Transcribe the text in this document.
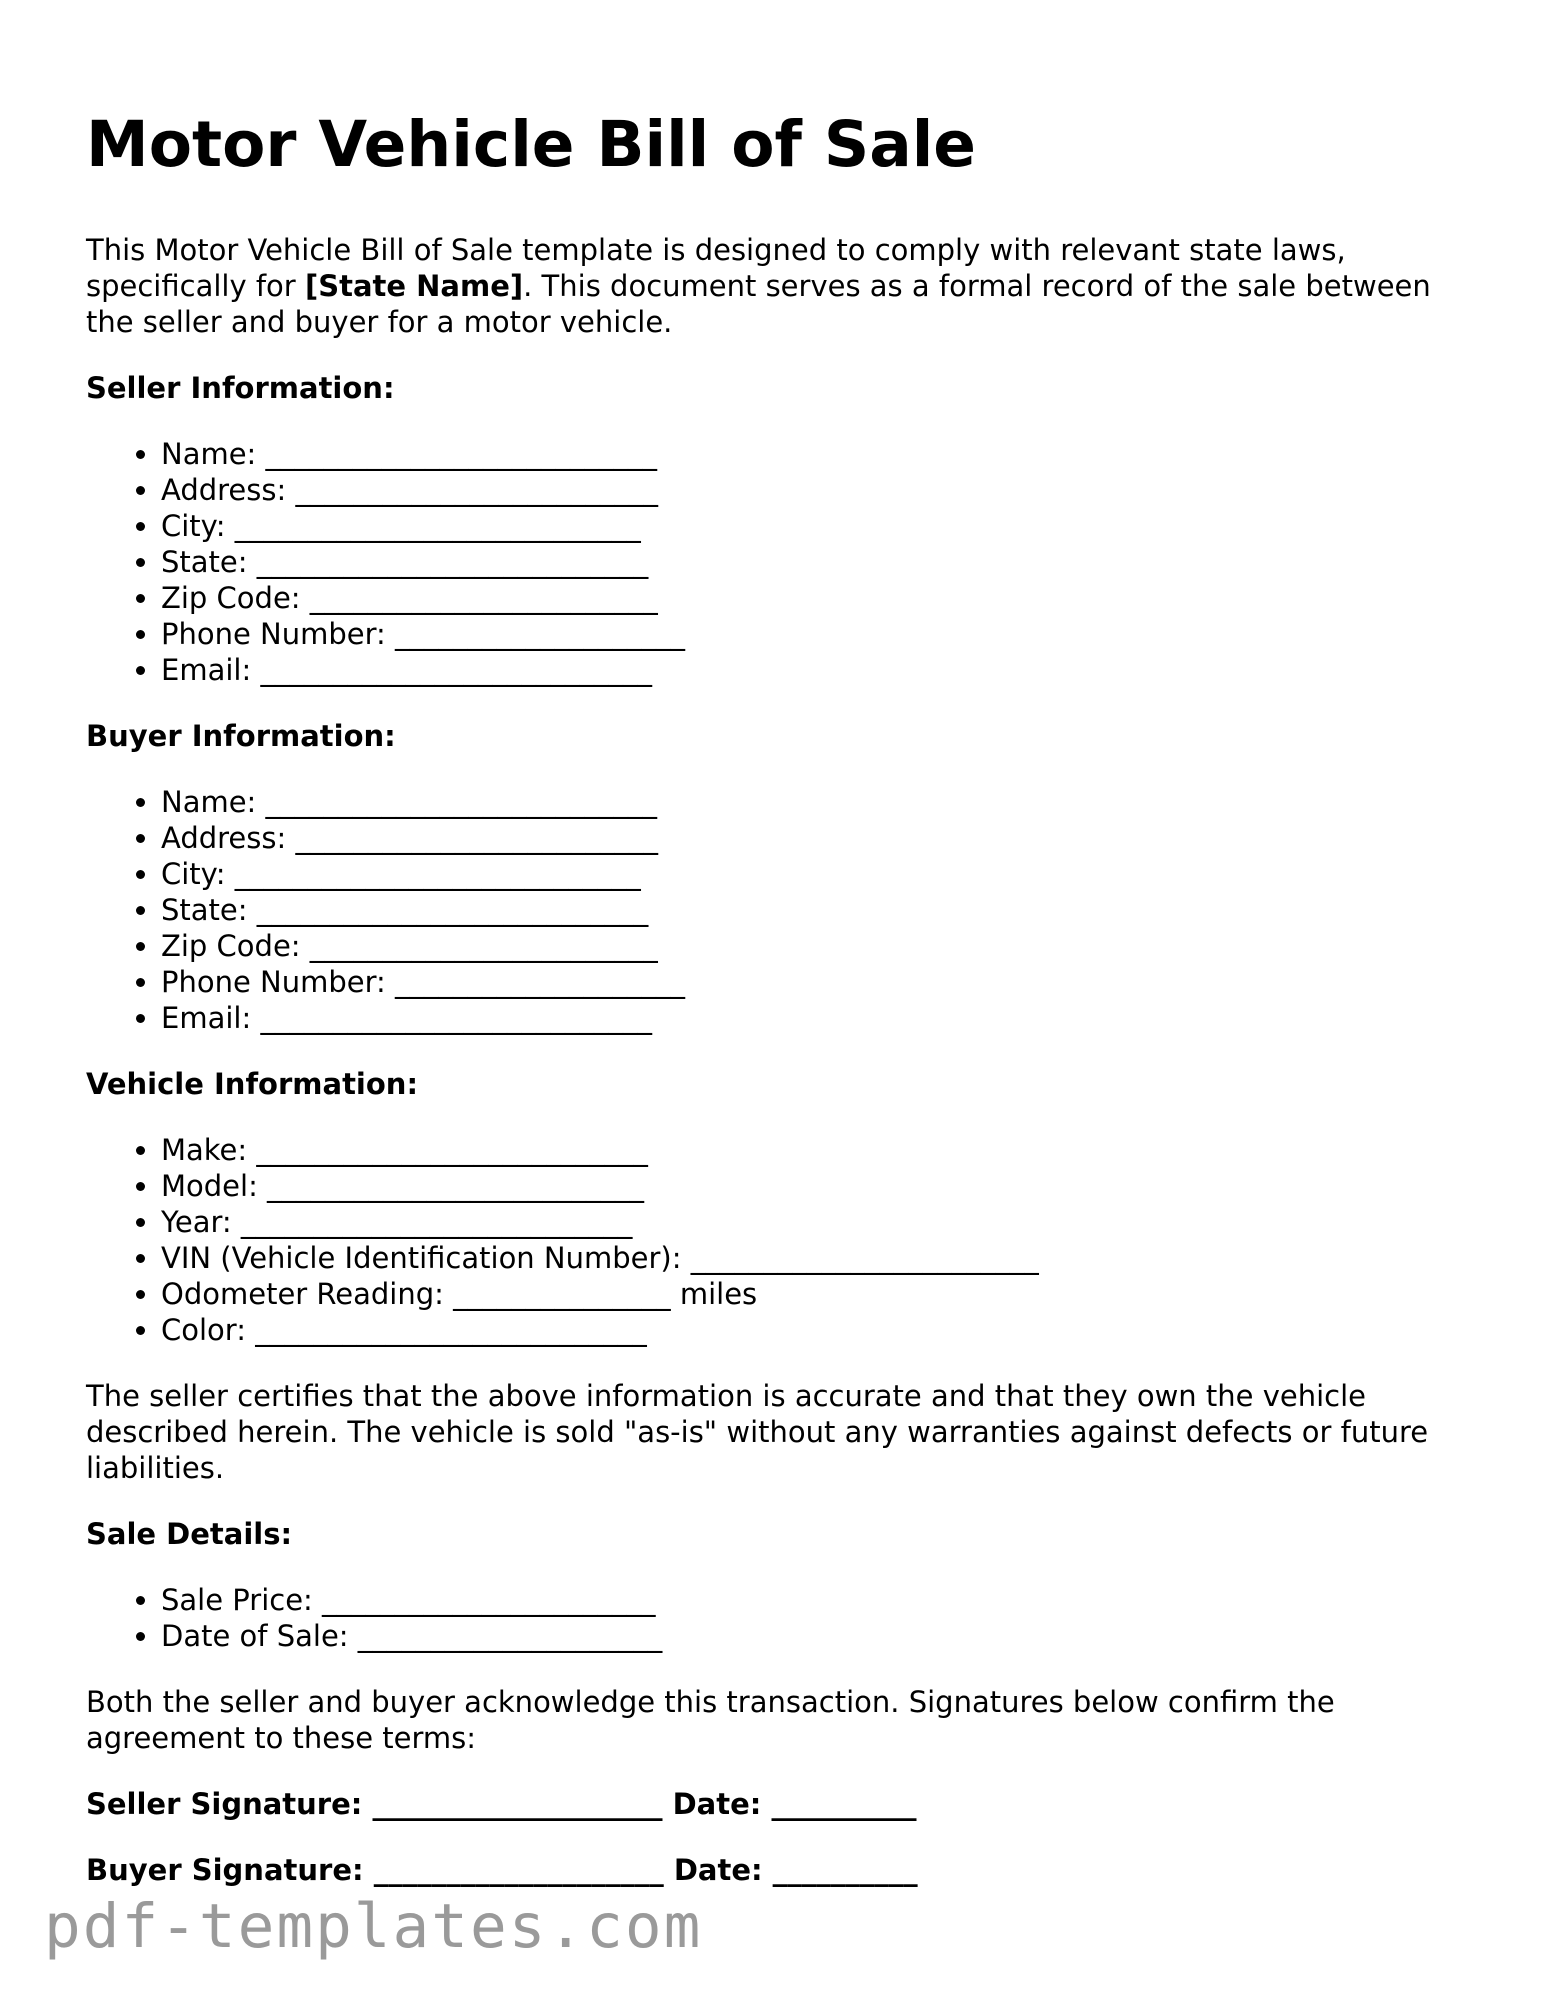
Motor Vehicle Bill of Sale

This Motor Vehicle Bill of Sale template is designed to comply with relevant state laws, specifically for [State Name]. This document serves as a formal record of the sale between the seller and buyer for a motor vehicle.

Seller Information:
• Name: ___________________________
• Address: _________________________
• City: ____________________________
• State: ___________________________
• Zip Code: ________________________
• Phone Number: ____________________
• Email: ___________________________
Buyer Information:
• Name: ___________________________
• Address: _________________________
• City: ____________________________
• State: ___________________________
• Zip Code: ________________________
• Phone Number: ____________________
• Email: ___________________________
Vehicle Information:
• Make: ___________________________
• Model: __________________________
• Year: ___________________________
• VIN (Vehicle Identification Number): ________________________
• Odometer Reading: _______________ miles
• Color: ___________________________

The seller certifies that the above information is accurate and that they own the vehicle described herein. The vehicle is sold "as-is" without any warranties against defects or future liabilities.

Sale Details:
• Sale Price: _______________________
• Date of Sale: _____________________

Both the seller and buyer acknowledge this transaction. Signatures below confirm the agreement to these terms:

Seller Signature: ____________________ Date: __________
Buyer Signature: ____________________ Date: __________
pdf-templates.com
